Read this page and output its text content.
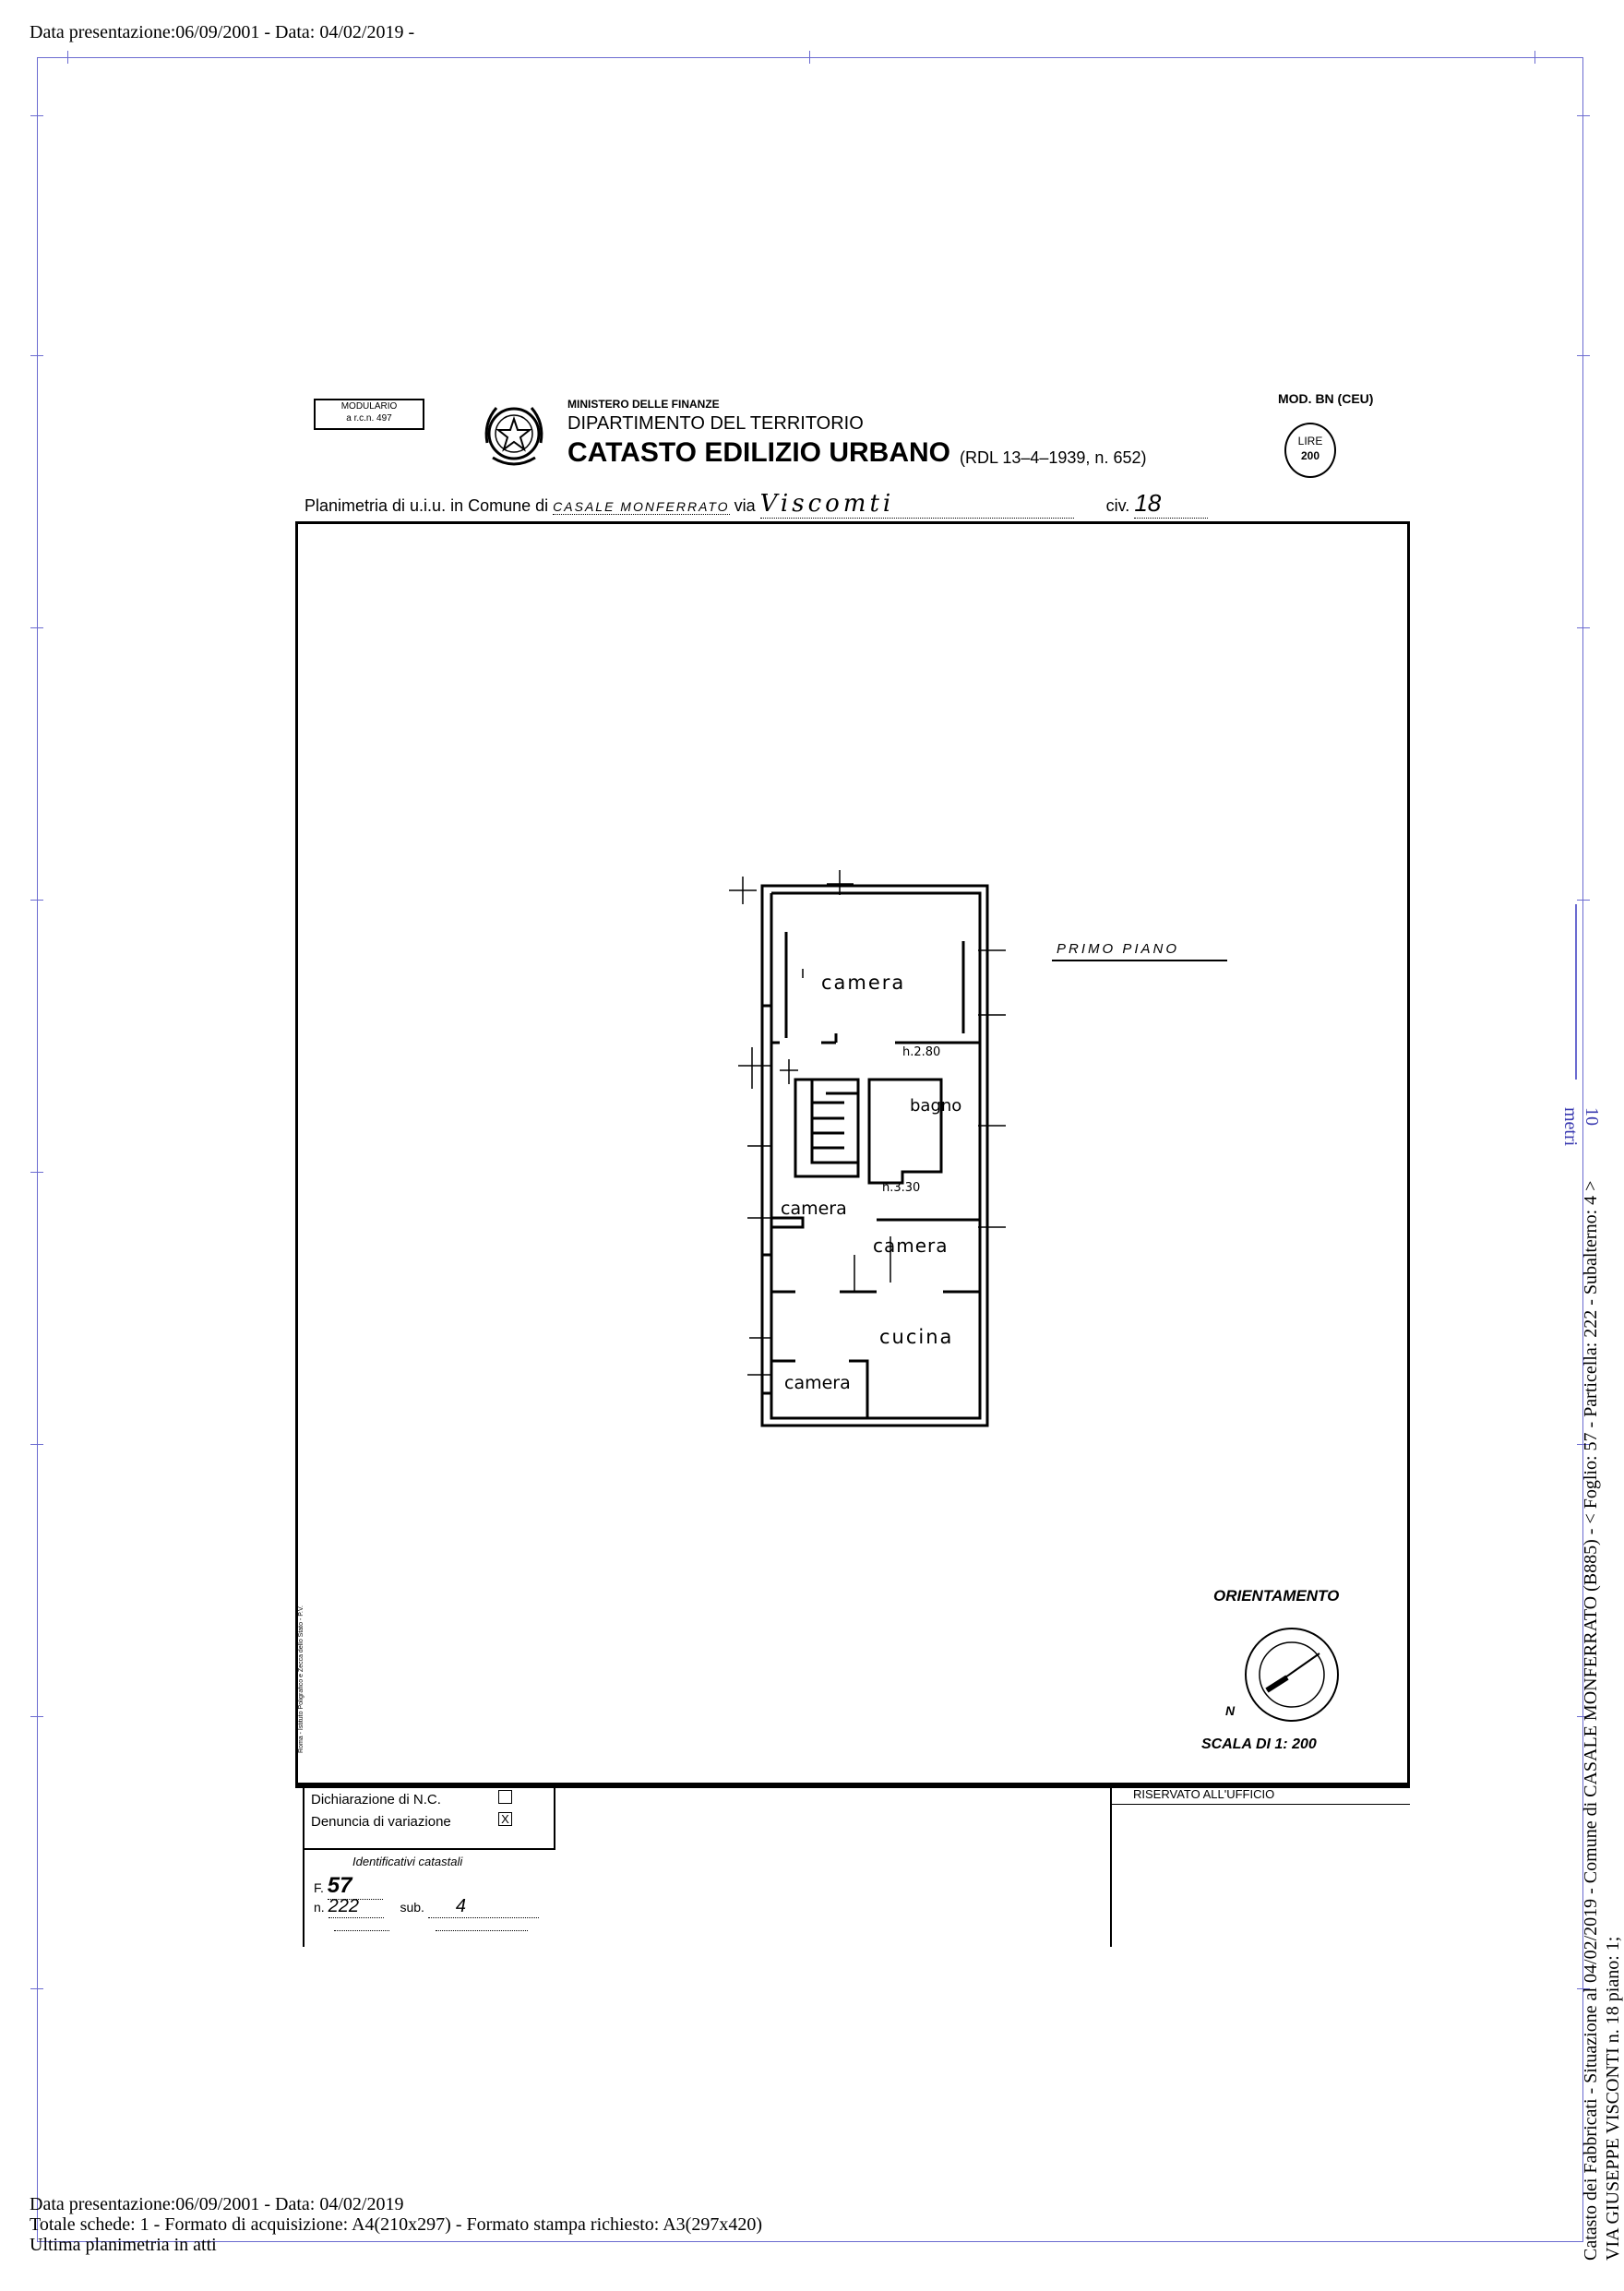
Data presentazione:06/09/2001 - Data: 04/02/2019 -
10 metri
Catasto dei Fabbricati - Situazione al 04/02/2019 - Comune di CASALE MONFERRATO (B885) - < Foglio: 57 - Particella: 222 - Subalterno: 4 > VIA GIUSEPPE VISCONTI n. 18 piano: 1;
MODULARIO
a r.c.n. 497
MINISTERO DELLE FINANZE
DIPARTIMENTO DEL TERRITORIO
CATASTO EDILIZIO URBANO (RDL 13–4–1939, n. 652)
MOD. BN (CEU)
LIRE
200
Planimetria di u.i.u. in Comune di CASALE MONFERRATO via Viscomti	civ. 18
Roma - Istituto Poligrafico e Zecca dello Stato - P.V.
camera
h.2.80
bagno
camera
h.3.30
camera
cucina
camera
PRIMO PIANO
ORIENTAMENTO
N
SCALA DI 1: 200
Dichiarazione di N.C.
Denuncia di variazione	X
Identificativi catastali
F. 57
n. 222	sub. 4
RISERVATO ALL'UFFICIO
Data presentazione:06/09/2001 - Data: 04/02/2019
Totale schede: 1 - Formato di acquisizione: A4(210x297) - Formato stampa richiesto: A3(297x420)
Ultima planimetria in atti
